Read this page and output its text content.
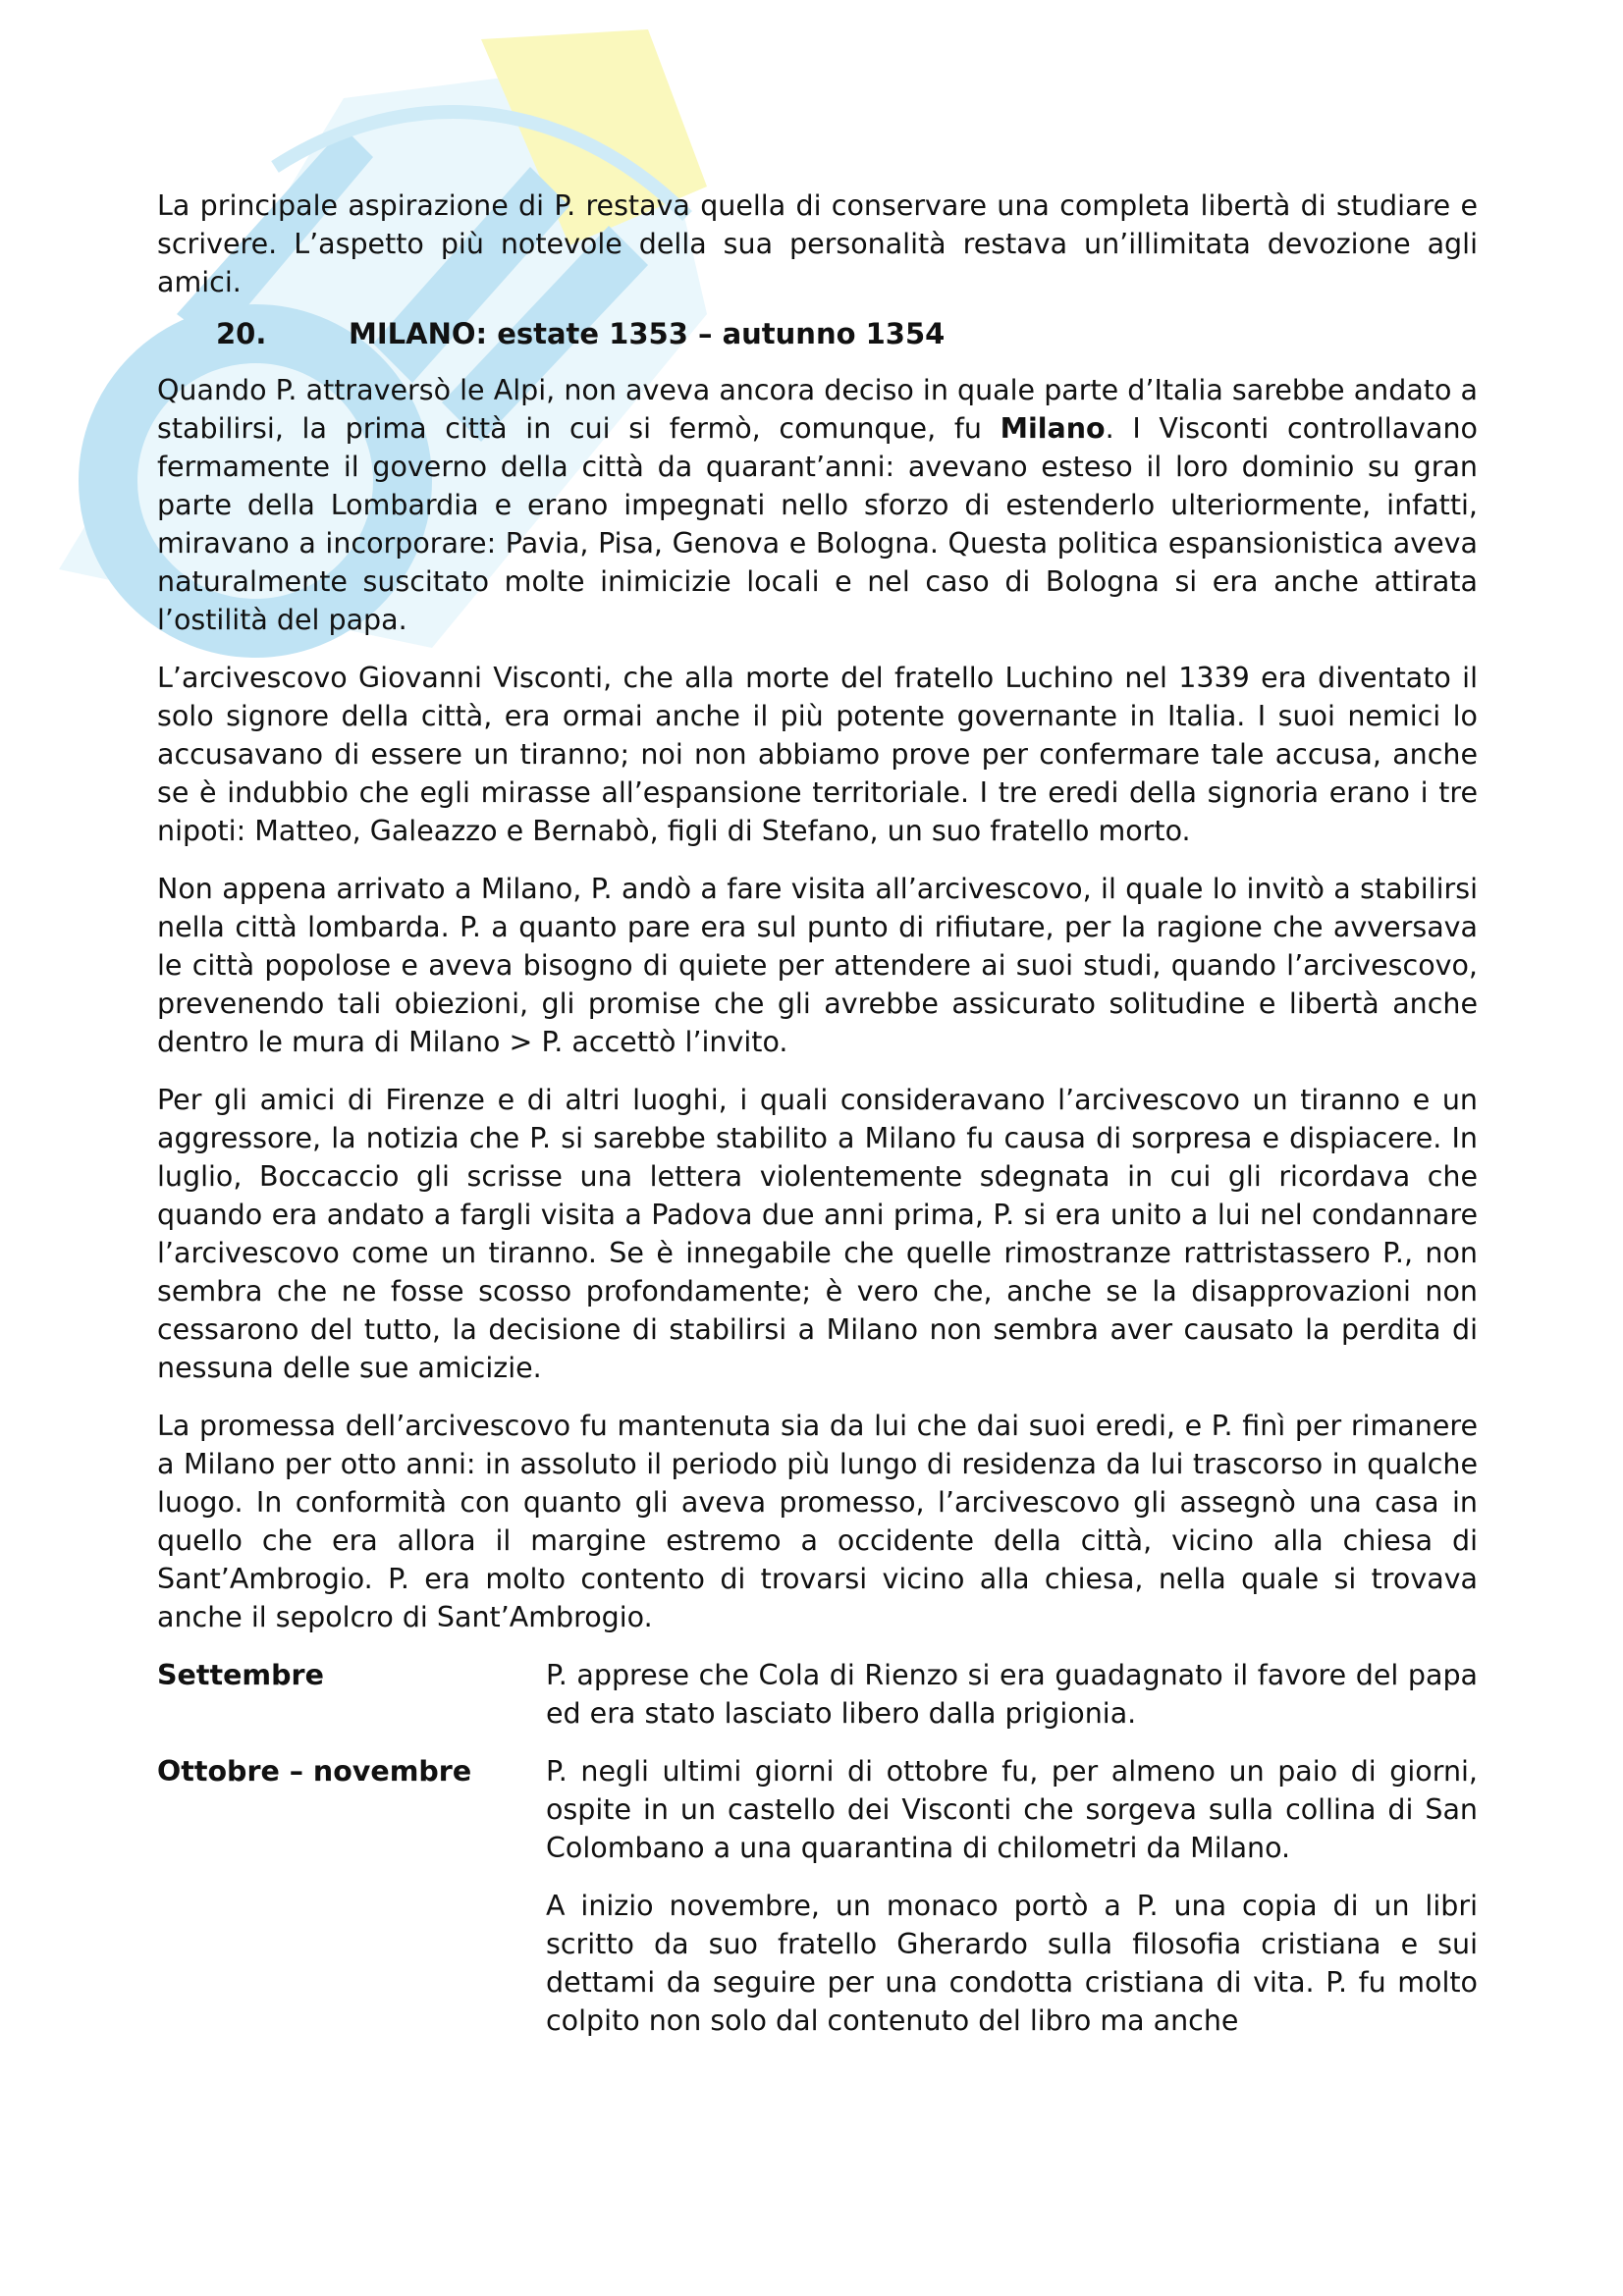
La principale aspirazione di P. restava quella di conservare una completa libertà di studiare e scrivere. L’aspetto più notevole della sua personalità restava un’illimitata devozione agli amici.

20.	MILANO: estate 1353 – autunno 1354

Quando P. attraversò le Alpi, non aveva ancora deciso in quale parte d’Italia sarebbe andato a stabilirsi, la prima città in cui si fermò, comunque, fu Milano. I Visconti controllavano fermamente il governo della città da quarant’anni: avevano esteso il loro dominio su gran parte della Lombardia e erano impegnati nello sforzo di estenderlo ulteriormente, infatti, miravano a incorporare: Pavia, Pisa, Genova e Bologna. Questa politica espansionistica aveva naturalmente suscitato molte inimicizie locali e nel caso di Bologna si era anche attirata l’ostilità del papa.

L’arcivescovo Giovanni Visconti, che alla morte del fratello Luchino nel 1339 era diventato il solo signore della città, era ormai anche il più potente governante in Italia. I suoi nemici lo accusavano di essere un tiranno; noi non abbiamo prove per confermare tale accusa, anche se è indubbio che egli mirasse all’espansione territoriale. I tre eredi della signoria erano i tre nipoti: Matteo, Galeazzo e Bernabò, figli di Stefano, un suo fratello morto.

Non appena arrivato a Milano, P. andò a fare visita all’arcivescovo, il quale lo invitò a stabilirsi nella città lombarda. P. a quanto pare era sul punto di rifiutare, per la ragione che avversava le città popolose e aveva bisogno di quiete per attendere ai suoi studi, quando l’arcivescovo, prevenendo tali obiezioni, gli promise che gli avrebbe assicurato solitudine e libertà anche dentro le mura di Milano > P. accettò l’invito.

Per gli amici di Firenze e di altri luoghi, i quali consideravano l’arcivescovo un tiranno e un aggressore, la notizia che P. si sarebbe stabilito a Milano fu causa di sorpresa e dispiacere. In luglio, Boccaccio gli scrisse una lettera violentemente sdegnata in cui gli ricordava che quando era andato a fargli visita a Padova due anni prima, P. si era unito a lui nel condannare l’arcivescovo come un tiranno. Se è innegabile che quelle rimostranze rattristassero P., non sembra che ne fosse scosso profondamente; è vero che, anche se la disapprovazioni non cessarono del tutto, la decisione di stabilirsi a Milano non sembra aver causato la perdita di nessuna delle sue amicizie.

La promessa dell’arcivescovo fu mantenuta sia da lui che dai suoi eredi, e P. finì per rimanere a Milano per otto anni: in assoluto il periodo più lungo di residenza da lui trascorso in qualche luogo. In conformità con quanto gli aveva promesso, l’arcivescovo gli assegnò una casa in quello che era allora il margine estremo a occidente della città, vicino alla chiesa di Sant’Ambrogio. P. era molto contento di trovarsi vicino alla chiesa, nella quale si trovava anche il sepolcro di Sant’Ambrogio.

Settembre	P. apprese che Cola di Rienzo si era guadagnato il favore del papa ed era stato lasciato libero dalla prigionia.

Ottobre – novembre	P. negli ultimi giorni di ottobre fu, per almeno un paio di giorni, ospite in un castello dei Visconti che sorgeva sulla collina di San Colombano a una quarantina di chilometri da Milano.

A inizio novembre, un monaco portò a P. una copia di un libri scritto da suo fratello Gherardo sulla filosofia cristiana e sui dettami da seguire per una condotta cristiana di vita. P. fu molto colpito non solo dal contenuto del libro ma anche
